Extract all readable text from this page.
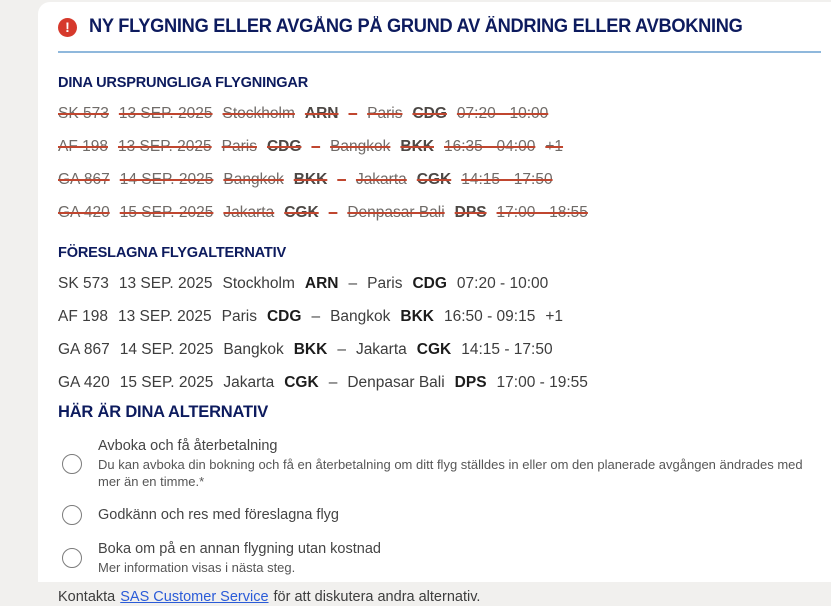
!	NY FLYGNING ELLER AVGÅNG PÅ GRUND AV ÄNDRING ELLER AVBOKNING
DINA URSPRUNGLIGA FLYGNINGAR
SK 573 13 SEP. 2025 Stockholm ARN – Paris CDG 07:20 - 10:00
AF 198 13 SEP. 2025 Paris CDG – Bangkok BKK 16:35 - 04:00 +1
GA 867 14 SEP. 2025 Bangkok BKK – Jakarta CGK 14:15 - 17:50
GA 420 15 SEP. 2025 Jakarta CGK – Denpasar Bali DPS 17:00 - 18:55
FÖRESLAGNA FLYGALTERNATIV
SK 573 13 SEP. 2025 Stockholm ARN – Paris CDG 07:20 - 10:00
AF 198 13 SEP. 2025 Paris CDG – Bangkok BKK 16:50 - 09:15 +1
GA 867 14 SEP. 2025 Bangkok BKK – Jakarta CGK 14:15 - 17:50
GA 420 15 SEP. 2025 Jakarta CGK – Denpasar Bali DPS 17:00 - 19:55
HÄR ÄR DINA ALTERNATIV
Avboka och få återbetalning
Du kan avboka din bokning och få en återbetalning om ditt flyg ställdes in eller om den planerade avgången ändrades med mer än en timme.*
Godkänn och res med föreslagna flyg
Boka om på en annan flygning utan kostnad
Mer information visas i nästa steg.
Kontakta SAS Customer Service för att diskutera andra alternativ.
